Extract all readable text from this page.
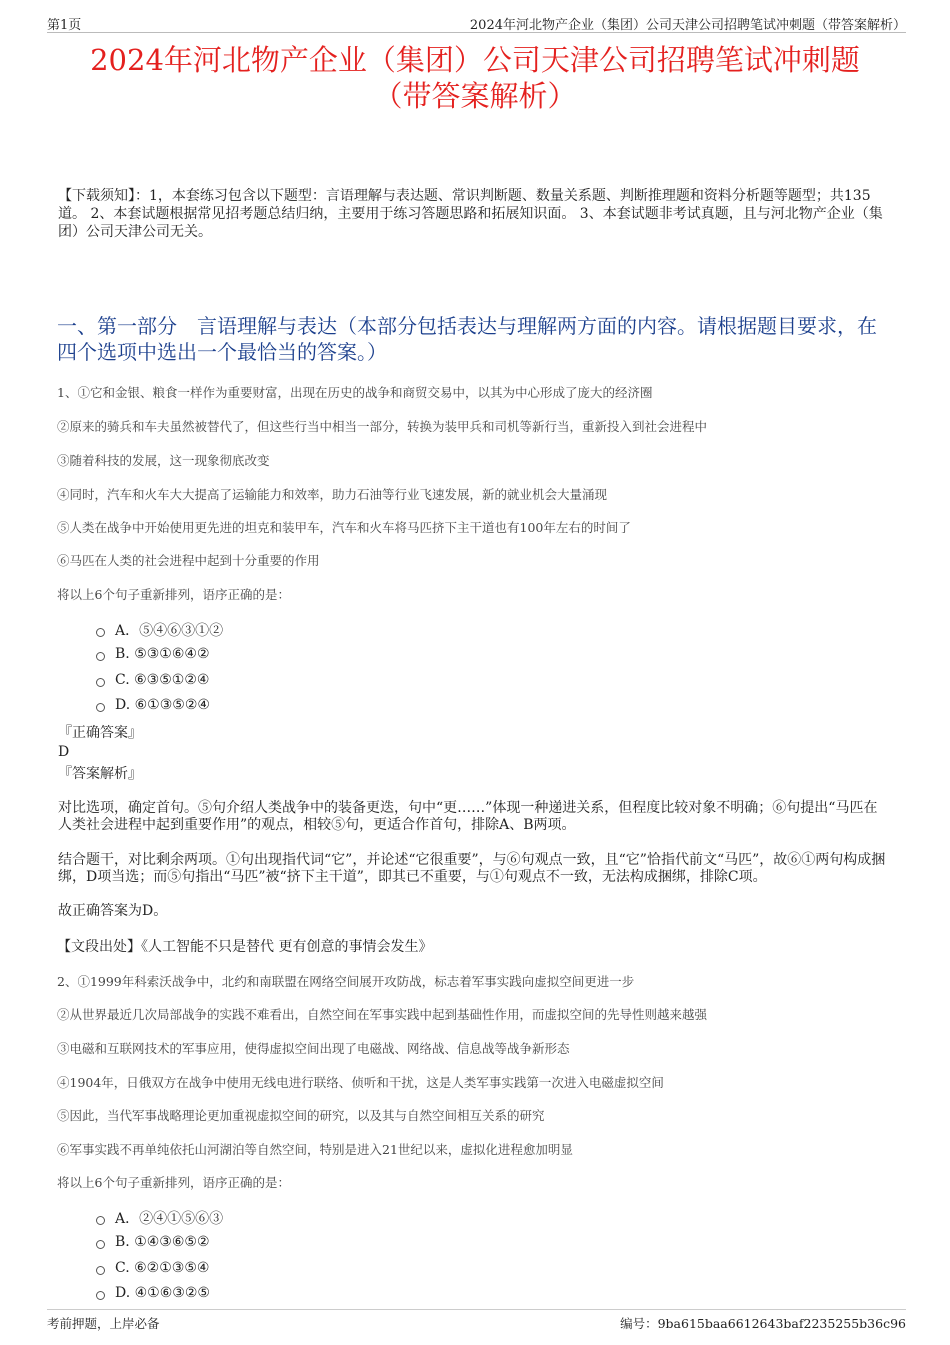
第1页	2024年河北物产企业（集团）公司天津公司招聘笔试冲刺题（带答案解析）
2024年河北物产企业（集团）公司天津公司招聘笔试冲刺题
（带答案解析）
【下载须知】：1，本套练习包含以下题型：言语理解与表达题、常识判断题、数量关系题、判断推理题和资料分析题等题型；共135道。 2、本套试题根据常见招考题总结归纳，主要用于练习答题思路和拓展知识面。 3、本套试题非考试真题，且与河北物产企业（集团）公司天津公司无关。
一、第一部分　言语理解与表达（本部分包括表达与理解两方面的内容。请根据题目要求，在四个选项中选出一个最恰当的答案。）
1、①它和金银、粮食一样作为重要财富，出现在历史的战争和商贸交易中，以其为中心形成了庞大的经济圈
②原来的骑兵和车夫虽然被替代了，但这些行当中相当一部分，转换为装甲兵和司机等新行当，重新投入到社会进程中
③随着科技的发展，这一现象彻底改变
④同时，汽车和火车大大提高了运输能力和效率，助力石油等行业飞速发展，新的就业机会大量涌现
⑤人类在战争中开始使用更先进的坦克和装甲车，汽车和火车将马匹挤下主干道也有100年左右的时间了
⑥马匹在人类的社会进程中起到十分重要的作用
将以上6个句子重新排列，语序正确的是：
A．⑤④⑥③①②
B. ⑤③①⑥④②
C. ⑥③⑤①②④
D. ⑥①③⑤②④
『正确答案』
D
『答案解析』
对比选项，确定首句。⑤句介绍人类战争中的装备更迭，句中“更……”体现一种递进关系，但程度比较对象不明确；⑥句提出“马匹在人类社会进程中起到重要作用”的观点，相较⑤句，更适合作首句，排除A、B两项。
结合题干，对比剩余两项。①句出现指代词“它”，并论述“它很重要”，与⑥句观点一致，且“它”恰指代前文“马匹”，故⑥①两句构成捆绑，D项当选；而⑤句指出“马匹”被“挤下主干道”，即其已不重要，与①句观点不一致，无法构成捆绑，排除C项。
故正确答案为D。
【文段出处】《人工智能不只是替代 更有创意的事情会发生》
2、①1999年科索沃战争中，北约和南联盟在网络空间展开攻防战，标志着军事实践向虚拟空间更进一步
②从世界最近几次局部战争的实践不难看出，自然空间在军事实践中起到基础性作用，而虚拟空间的先导性则越来越强
③电磁和互联网技术的军事应用，使得虚拟空间出现了电磁战、网络战、信息战等战争新形态
④1904年，日俄双方在战争中使用无线电进行联络、侦听和干扰，这是人类军事实践第一次进入电磁虚拟空间
⑤因此，当代军事战略理论更加重视虚拟空间的研究，以及其与自然空间相互关系的研究
⑥军事实践不再单纯依托山河湖泊等自然空间，特别是进入21世纪以来，虚拟化进程愈加明显
将以上6个句子重新排列，语序正确的是：
A．②④①⑤⑥③
B. ①④③⑥⑤②
C. ⑥②①③⑤④
D. ④①⑥③②⑤
考前押题，上岸必备	编号：9ba615baa6612643baf2235255b36c96
